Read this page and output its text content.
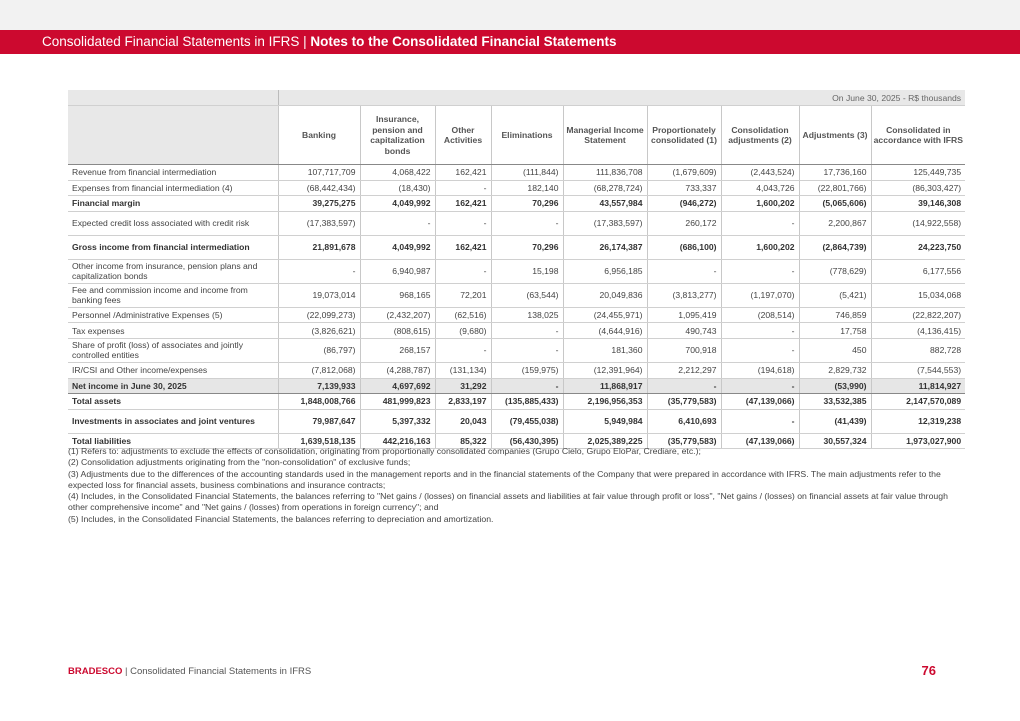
Consolidated Financial Statements in IFRS | Notes to the Consolidated Financial Statements
	On June 30, 2025 - R$ thousands								
	Banking	Insurance, pension and capitalization bonds	Other Activities	Eliminations	Managerial Income Statement	Proportionately consolidated (1)	Consolidation adjustments (2)	Adjustments (3)	Consolidated in accordance with IFRS
Revenue from financial intermediation	107,717,709	4,068,422	162,421	(111,844)	111,836,708	(1,679,609)	(2,443,524)	17,736,160	125,449,735
Expenses from financial intermediation (4)	(68,442,434)	(18,430)	-	182,140	(68,278,724)	733,337	4,043,726	(22,801,766)	(86,303,427)
Financial margin	39,275,275	4,049,992	162,421	70,296	43,557,984	(946,272)	1,600,202	(5,065,606)	39,146,308
Expected credit loss associated with credit risk	(17,383,597)	-	-	-	(17,383,597)	260,172	-	2,200,867	(14,922,558)
Gross income from financial intermediation	21,891,678	4,049,992	162,421	70,296	26,174,387	(686,100)	1,600,202	(2,864,739)	24,223,750
Other income from insurance, pension plans and capitalization bonds	-	6,940,987	-	15,198	6,956,185	-	-	(778,629)	6,177,556
Fee and commission income and income from banking fees	19,073,014	968,165	72,201	(63,544)	20,049,836	(3,813,277)	(1,197,070)	(5,421)	15,034,068
Personnel /Administrative Expenses (5)	(22,099,273)	(2,432,207)	(62,516)	138,025	(24,455,971)	1,095,419	(208,514)	746,859	(22,822,207)
Tax expenses	(3,826,621)	(808,615)	(9,680)	-	(4,644,916)	490,743	-	17,758	(4,136,415)
Share of profit (loss) of associates and jointly controlled entities	(86,797)	268,157	-	-	181,360	700,918	-	450	882,728
IR/CSI and Other income/expenses	(7,812,068)	(4,288,787)	(131,134)	(159,975)	(12,391,964)	2,212,297	(194,618)	2,829,732	(7,544,553)
Net income in June 30, 2025	7,139,933	4,697,692	31,292	-	11,868,917	-	-	(53,990)	11,814,927
Total assets	1,848,008,766	481,999,823	2,833,197	(135,885,433)	2,196,956,353	(35,779,583)	(47,139,066)	33,532,385	2,147,570,089
Investments in associates and joint ventures	79,987,647	5,397,332	20,043	(79,455,038)	5,949,984	6,410,693	-	(41,439)	12,319,238
Total liabilities	1,639,518,135	442,216,163	85,322	(56,430,395)	2,025,389,225	(35,779,583)	(47,139,066)	30,557,324	1,973,027,900
(1) Refers to: adjustments to exclude the effects of consolidation, originating from proportionally consolidated companies (Grupo Cielo, Grupo EloPar, Crediare, etc.);
(2) Consolidation adjustments originating from the "non-consolidation" of exclusive funds;
(3) Adjustments due to the differences of the accounting standards used in the management reports and in the financial statements of the Company that were prepared in accordance with IFRS. The main adjustments refer to the expected loss for financial assets, business combinations and insurance contracts;
(4) Includes, in the Consolidated Financial Statements, the balances referring to "Net gains / (losses) on financial assets and liabilities at fair value through profit or loss", "Net gains / (losses) on financial assets at fair value through other comprehensive income" and "Net gains / (losses) from operations in foreign currency"; and
(5) Includes, in the Consolidated Financial Statements, the balances referring to depreciation and amortization.
BRADESCO | Consolidated Financial Statements in IFRS	76
